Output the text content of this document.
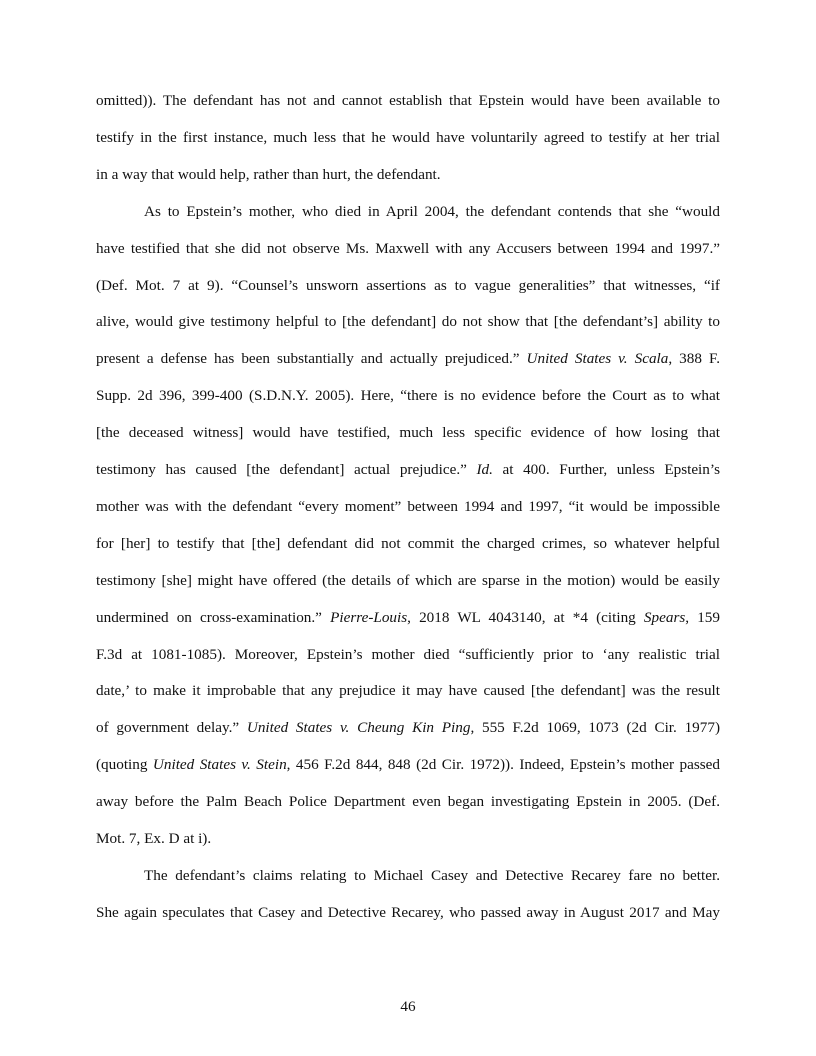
omitted)). The defendant has not and cannot establish that Epstein would have been available to
testify in the first instance, much less that he would have voluntarily agreed to testify at her trial
in a way that would help, rather than hurt, the defendant.
As to Epstein’s mother, who died in April 2004, the defendant contends that she “would
have testified that she did not observe Ms. Maxwell with any Accusers between 1994 and 1997.”
(Def. Mot. 7 at 9). “Counsel’s unsworn assertions as to vague generalities” that witnesses, “if
alive, would give testimony helpful to [the defendant] do not show that [the defendant’s] ability to
present a defense has been substantially and actually prejudiced.” United States v. Scala, 388 F.
Supp. 2d 396, 399-400 (S.D.N.Y. 2005). Here, “there is no evidence before the Court as to what
[the deceased witness] would have testified, much less specific evidence of how losing that
testimony has caused [the defendant] actual prejudice.” Id. at 400. Further, unless Epstein’s
mother was with the defendant “every moment” between 1994 and 1997, “it would be impossible
for [her] to testify that [the] defendant did not commit the charged crimes, so whatever helpful
testimony [she] might have offered (the details of which are sparse in the motion) would be easily
undermined on cross-examination.” Pierre-Louis, 2018 WL 4043140, at *4 (citing Spears, 159
F.3d at 1081-1085). Moreover, Epstein’s mother died “sufficiently prior to ‘any realistic trial
date,’ to make it improbable that any prejudice it may have caused [the defendant] was the result
of government delay.” United States v. Cheung Kin Ping, 555 F.2d 1069, 1073 (2d Cir. 1977)
(quoting United States v. Stein, 456 F.2d 844, 848 (2d Cir. 1972)). Indeed, Epstein’s mother passed
away before the Palm Beach Police Department even began investigating Epstein in 2005. (Def.
Mot. 7, Ex. D at i).
The defendant’s claims relating to Michael Casey and Detective Recarey fare no better.
She again speculates that Casey and Detective Recarey, who passed away in August 2017 and May
46
